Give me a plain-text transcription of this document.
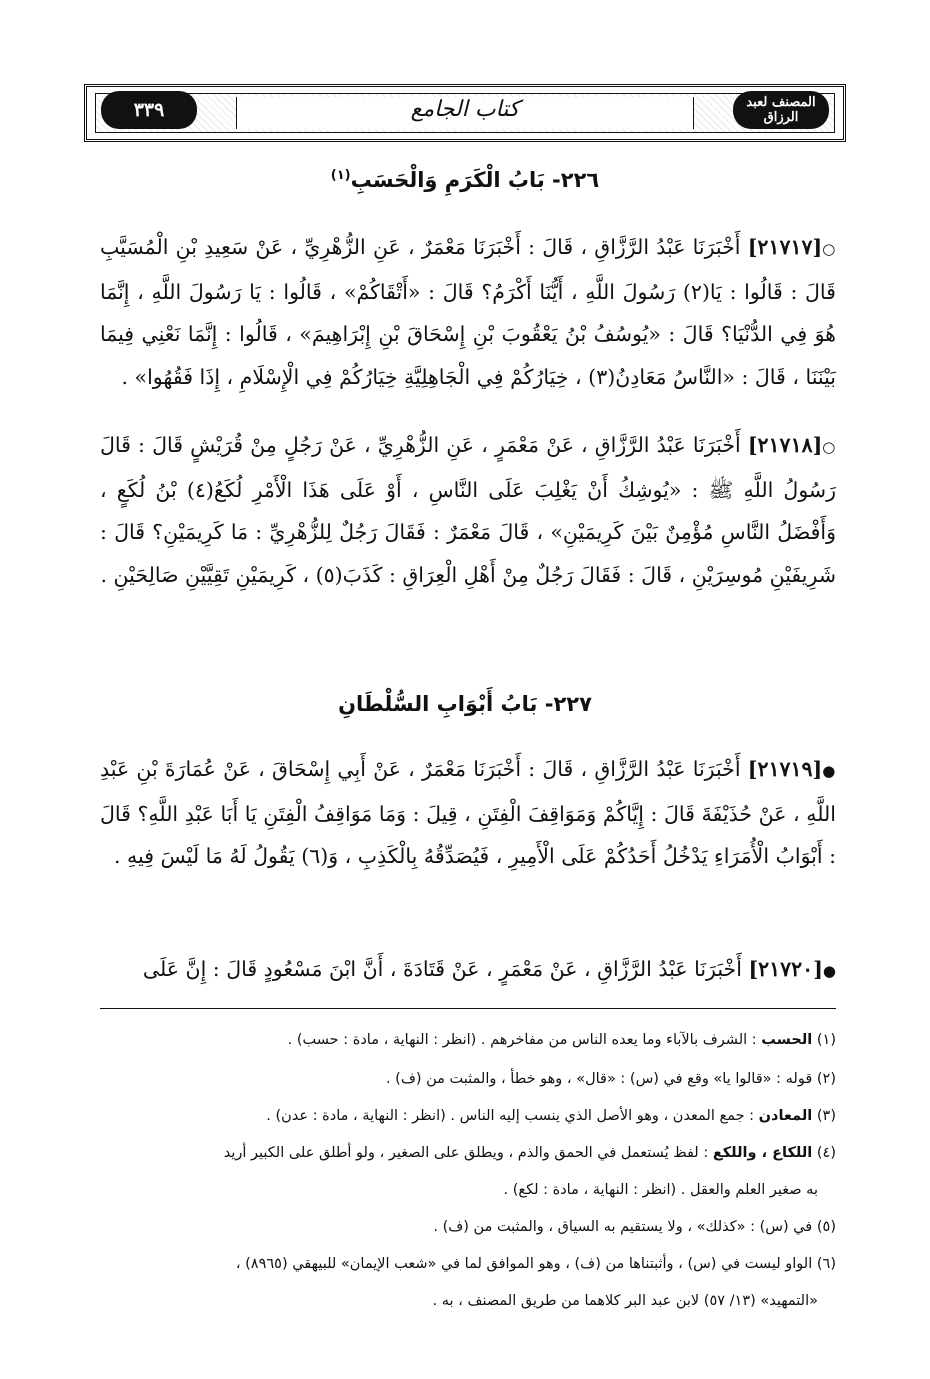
كتاب الجامع
٣٣٩	المصنف لعبد الرزاق
٢٢٦- بَابُ الْكَرَمِ وَالْحَسَبِ$^{(١)}$

○[٢١٧١٧] أَخْبَرَنَا عَبْدُ الرَّزَّاقِ ، قَالَ : أَخْبَرَنَا مَعْمَرٌ ، عَنِ الزُّهْرِيِّ ، عَنْ سَعِيدِ بْنِ الْمُسَيَّبِ قَالَ : قَالُوا : يَا(٢) رَسُولَ اللَّهِ ، أَيُّنَا أَكْرَمُ؟ قَالَ : «أَتْقَاكُمْ» ، قَالُوا : يَا رَسُولَ اللَّهِ ، إِنَّمَا هُوَ فِي الدُّنْيَا؟ قَالَ : «يُوسُفُ بْنُ يَعْقُوبَ بْنِ إِسْحَاقَ بْنِ إِبْرَاهِيمَ» ، قَالُوا : إِنَّمَا نَعْنِي فِيمَا بَيْنَنَا ، قَالَ : «النَّاسُ مَعَادِنُ(٣) ، خِيَارُكُمْ فِي الْجَاهِلِيَّةِ خِيَارُكُمْ فِي الْإِسْلَامِ ، إِذَا فَقُهُوا» .

○[٢١٧١٨] أَخْبَرَنَا عَبْدُ الرَّزَّاقِ ، عَنْ مَعْمَرٍ ، عَنِ الزُّهْرِيِّ ، عَنْ رَجُلٍ مِنْ قُرَيْشٍ قَالَ : قَالَ رَسُولُ اللَّهِ ﷺ : «يُوشِكُ أَنْ يَغْلِبَ عَلَى النَّاسِ ، أَوْ عَلَى هَذَا الْأَمْرِ لُكَعُ(٤) بْنُ لُكَعٍ ، وَأَفْضَلُ النَّاسِ مُؤْمِنٌ بَيْنَ كَرِيمَيْنِ» ، قَالَ مَعْمَرٌ : فَقَالَ رَجُلٌ لِلزُّهْرِيِّ : مَا كَرِيمَيْنِ؟ قَالَ : شَرِيفَيْنِ مُوسِرَيْنِ ، قَالَ : فَقَالَ رَجُلٌ مِنْ أَهْلِ الْعِرَاقِ : كَذَبَ(٥) ، كَرِيمَيْنِ تَقِيَّيْنِ صَالِحَيْنِ .

٢٢٧- بَابُ أَبْوَابِ السُّلْطَانِ

●[٢١٧١٩] أَخْبَرَنَا عَبْدُ الرَّزَّاقِ ، قَالَ : أَخْبَرَنَا مَعْمَرٌ ، عَنْ أَبِي إِسْحَاقَ ، عَنْ عُمَارَةَ بْنِ عَبْدِ اللَّهِ ، عَنْ حُذَيْفَةَ قَالَ : إِيَّاكُمْ وَمَوَاقِفَ الْفِتَنِ ، قِيلَ : وَمَا مَوَاقِفُ الْفِتَنِ يَا أَبَا عَبْدِ اللَّهِ؟ قَالَ : أَبْوَابُ الْأُمَرَاءِ يَدْخُلُ أَحَدُكُمْ عَلَى الْأَمِيرِ ، فَيُصَدِّقُهُ بِالْكَذِبِ ، وَ(٦) يَقُولُ لَهُ مَا لَيْسَ فِيهِ .

●[٢١٧٢٠] أَخْبَرَنَا عَبْدُ الرَّزَّاقِ ، عَنْ مَعْمَرٍ ، عَنْ قَتَادَةَ ، أَنَّ ابْنَ مَسْعُودٍ قَالَ : إِنَّ عَلَى

(١) الحسب : الشرف بالآباء وما يعده الناس من مفاخرهم . (انظر : النهاية ، مادة : حسب) .

(٢) قوله : «قالوا يا» وقع في (س) : «قال» ، وهو خطأ ، والمثبت من (ف) .

(٣) المعادن : جمع المعدن ، وهو الأصل الذي ينسب إليه الناس . (انظر : النهاية ، مادة : عدن) .

(٤) اللكاع ، واللكع : لفظ يُستعمل في الحمق والذم ، ويطلق على الصغير ، ولو أطلق على الكبير أريد

به صغير العلم والعقل . (انظر : النهاية ، مادة : لكع) .

(٥) في (س) : «كذلك» ، ولا يستقيم به السياق ، والمثبت من (ف) .

(٦) الواو ليست في (س) ، وأثبتناها من (ف) ، وهو الموافق لما في «شعب الإيمان» للبيهقي (٨٩٦٥) ،

«التمهيد» (١٣/ ٥٧) لابن عبد البر كلاهما من طريق المصنف ، به .
